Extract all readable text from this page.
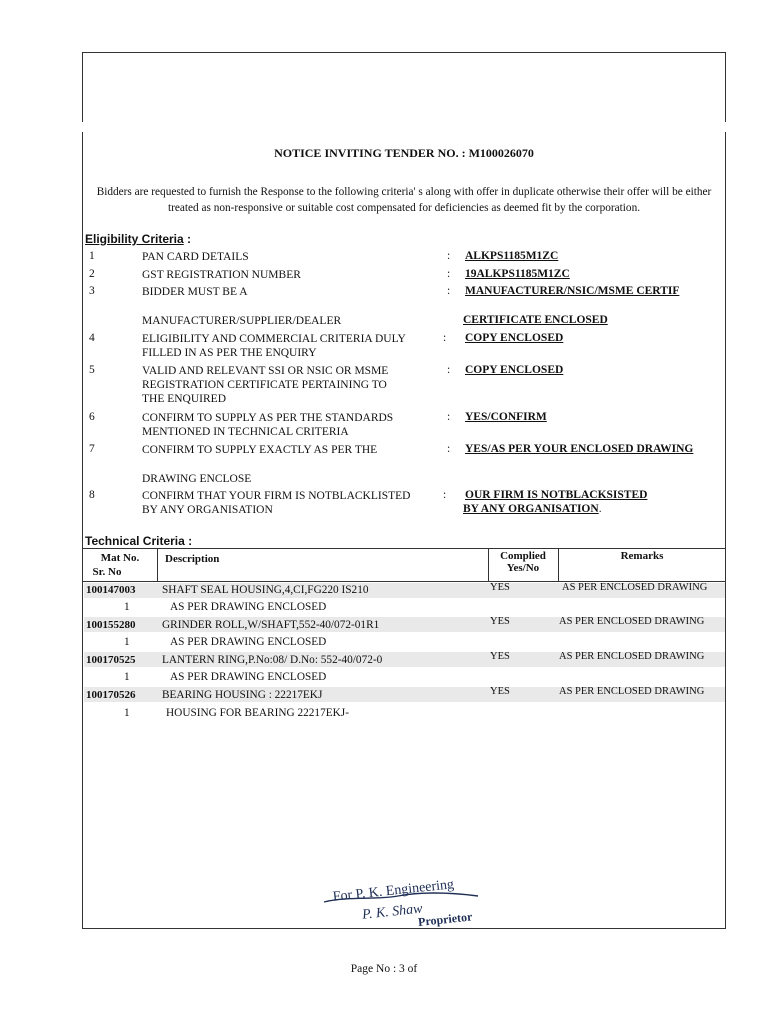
NOTICE INVITING TENDER NO. : M100026070
Bidders are requested to furnish the Response to the following criteria' s along with offer in duplicate otherwise their offer will be either treated as non-responsive or suitable cost compensated for deficiencies as deemed fit by the corporation.
Eligibility Criteria :
1	PAN CARD DETAILS	: ALKPS1185M1ZC
2	GST REGISTRATION NUMBER	: 19ALKPS1185M1ZC
3	BIDDER MUST BE A	: MANUFACTURER/NSIC/MSME CERTIF
MANUFACTURER/SUPPLIER/DEALER	CERTIFICATE ENCLOSED
4	ELIGIBILITY AND COMMERCIAL CRITERIA DULY
FILLED IN AS PER THE ENQUIRY
: COPY ENCLOSED
5	VALID AND RELEVANT SSI OR NSIC OR MSME
REGISTRATION CERTIFICATE PERTAINING TO
THE ENQUIRED
: COPY ENCLOSED
6	CONFIRM TO SUPPLY AS PER THE STANDARDS
MENTIONED IN TECHNICAL CRITERIA
: YES/CONFIRM
7	CONFIRM TO SUPPLY EXACTLY AS PER THE	: YES/AS PER YOUR ENCLOSED DRAWING
DRAWING ENCLOSE
8	CONFIRM THAT YOUR FIRM IS NOTBLACKLISTED
BY ANY ORGANISATION
: OUR FIRM IS NOTBLACKSISTED
BY ANY ORGANISATION.
Technical Criteria :
Mat No.
Sr. No
Description	Complied
Yes/No
Remarks
100147003 SHAFT SEAL HOUSING,4,CI,FG220 IS210	YES	AS PER ENCLOSED DRAWING
1	AS PER DRAWING ENCLOSED
100155280 GRINDER ROLL,W/SHAFT,552-40/072-01R1	YES	AS PER ENCLOSED DRAWING
1	AS PER DRAWING ENCLOSED
100170525 LANTERN RING,P.No:08/ D.No: 552-40/072-0	YES	AS PER ENCLOSED DRAWING
1	AS PER DRAWING ENCLOSED
100170526 BEARING HOUSING : 22217EKJ	YES	AS PER ENCLOSED DRAWING
1	HOUSING FOR BEARING 22217EKJ-
For P. K. Engineering
P. K. Shaw
Proprietor
Page No : 3 of
